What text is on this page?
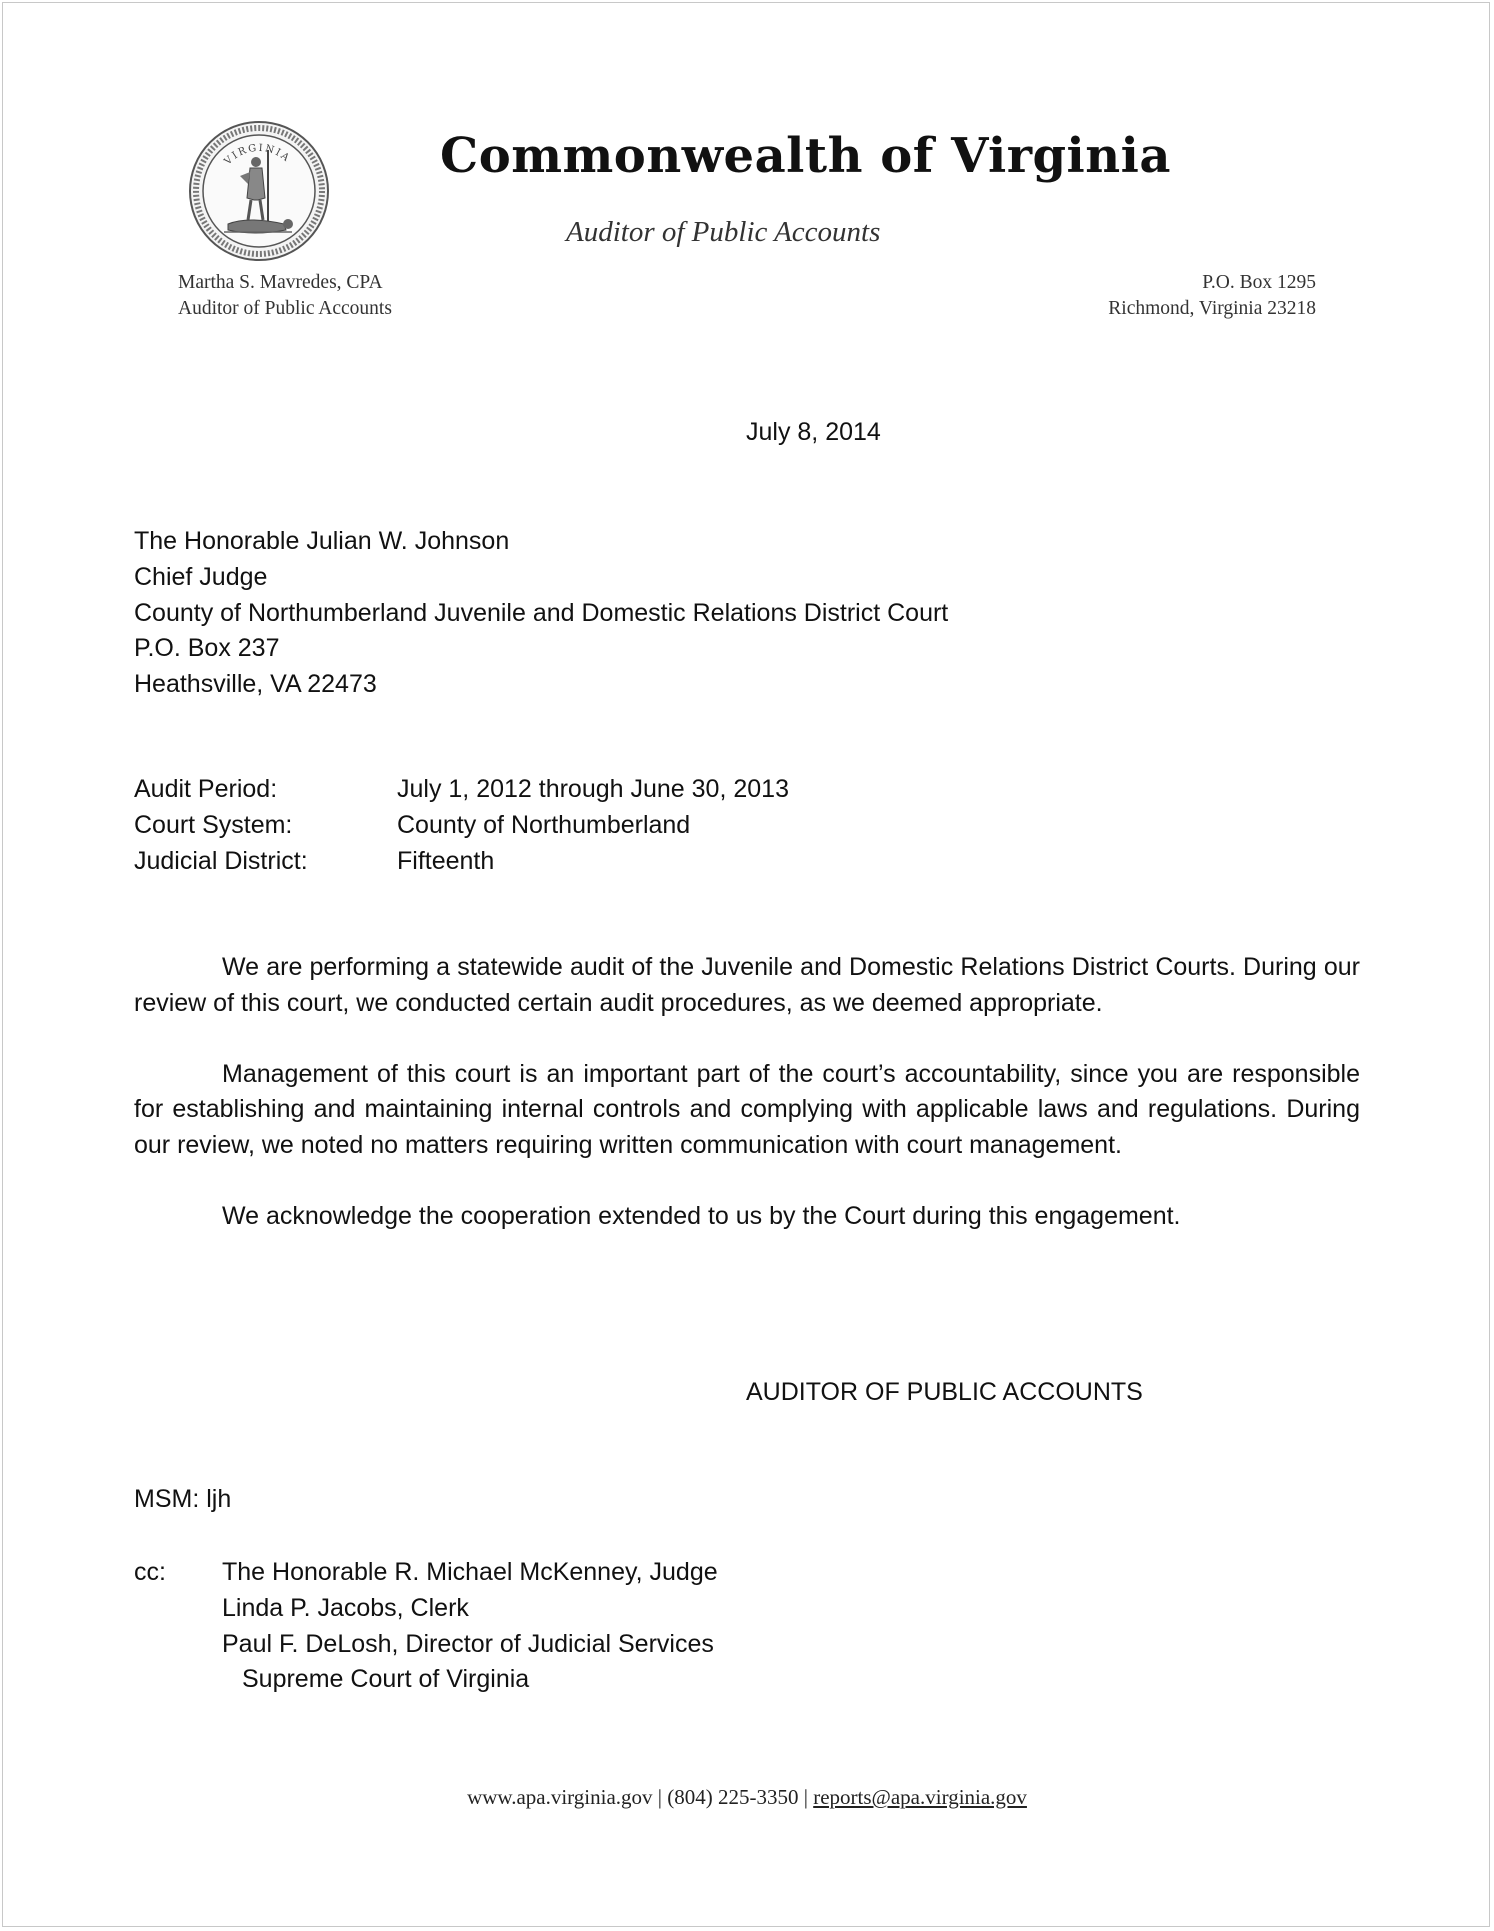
VIRGINIA	Commonwealth of Virginia
Auditor of Public Accounts
Martha S. Mavredes, CPA
Auditor of Public Accounts
P.O. Box 1295
Richmond, Virginia 23218
July 8, 2014
The Honorable Julian W. Johnson
Chief Judge
County of Northumberland Juvenile and Domestic Relations District Court
P.O. Box 237
Heathsville, VA 22473
Audit Period:	July 1, 2012 through June 30, 2013
Court System:	County of Northumberland
Judicial District:	Fifteenth

We are performing a statewide audit of the Juvenile and Domestic Relations District Courts. During our review of this court, we conducted certain audit procedures, as we deemed appropriate.

Management of this court is an important part of the court’s accountability, since you are responsible for establishing and maintaining internal controls and complying with applicable laws and regulations. During our review, we noted no matters requiring written communication with court management.

We acknowledge the cooperation extended to us by the Court during this engagement.

AUDITOR OF PUBLIC ACCOUNTS
MSM: ljh
cc:	The Honorable R. Michael McKenney, Judge
Linda P. Jacobs, Clerk
Paul F. DeLosh, Director of Judicial Services
Supreme Court of Virginia
www.apa.virginia.gov | (804) 225-3350 | reports@apa.virginia.gov
